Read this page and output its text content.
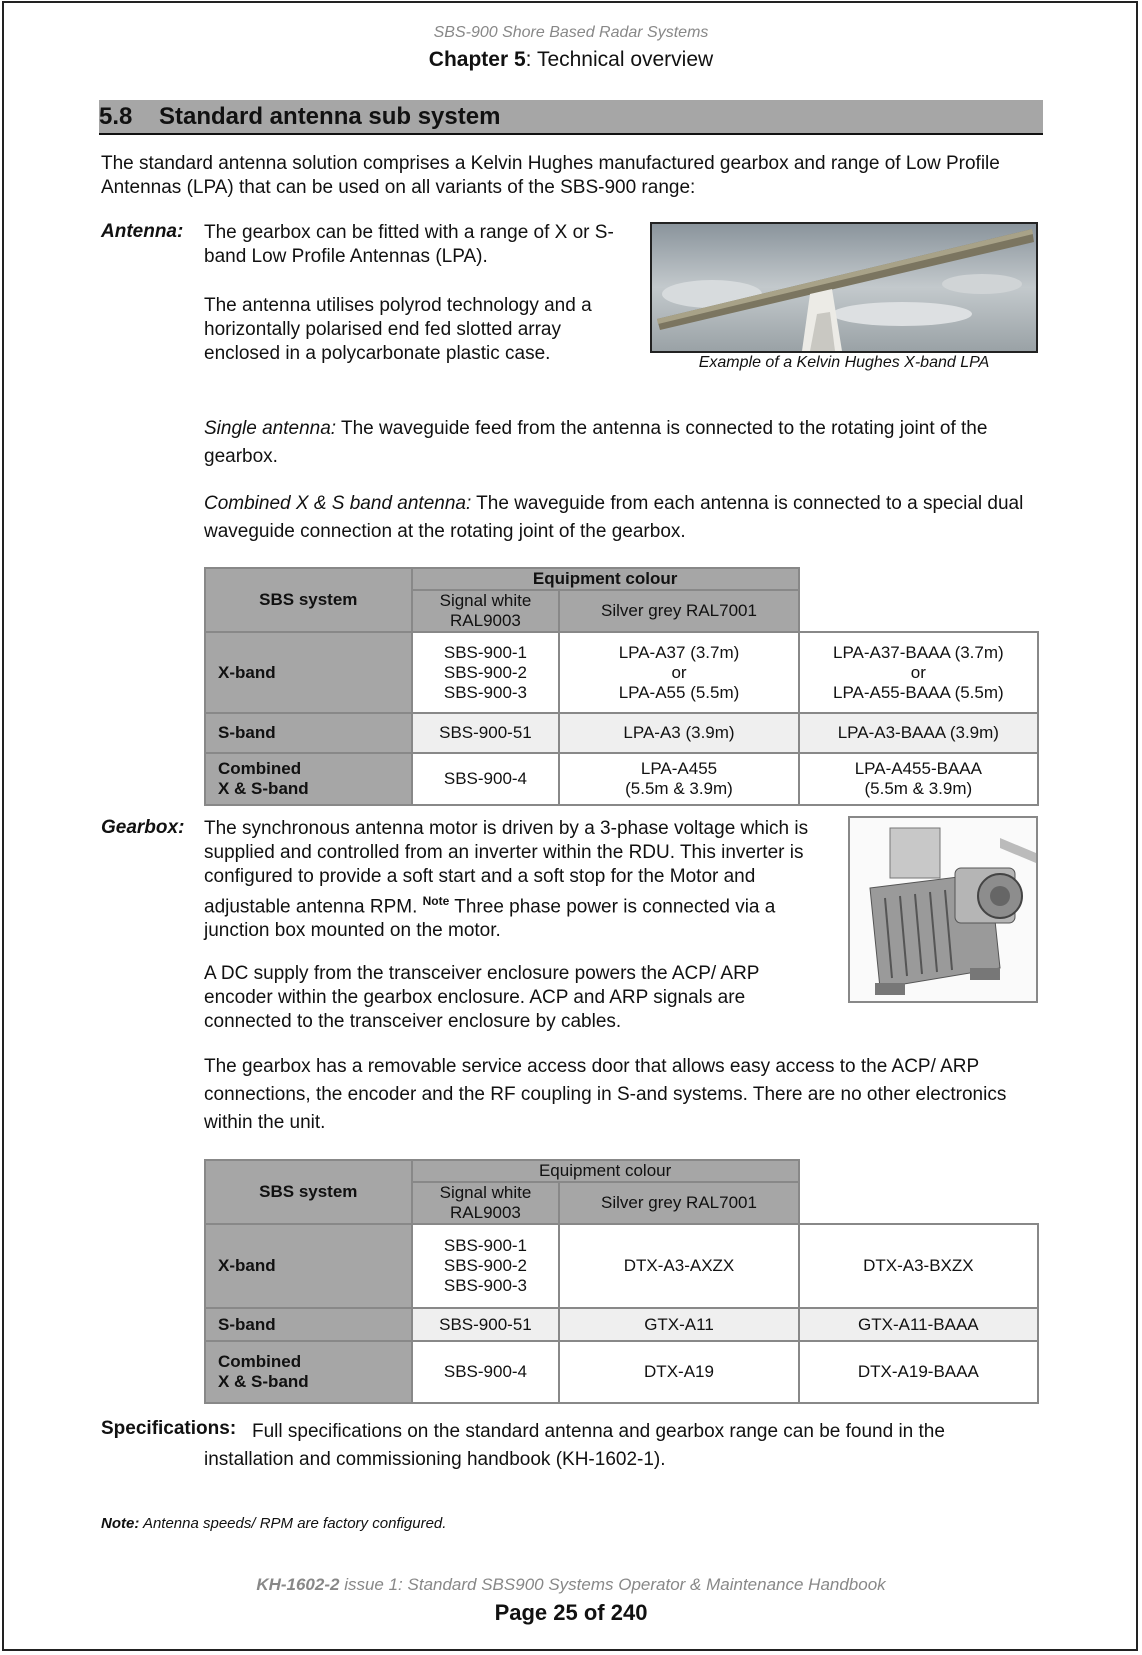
SBS-900 Shore Based Radar Systems
Chapter 5: Technical overview
5.8 Standard antenna sub system
The standard antenna solution comprises a Kelvin Hughes manufactured gearbox and range of Low Profile Antennas (LPA) that can be used on all variants of the SBS-900 range:
Antenna: The gearbox can be fitted with a range of X or S-band Low Profile Antennas (LPA).
The antenna utilises polyrod technology and a horizontally polarised end fed slotted array enclosed in a polycarbonate plastic case.	Example of a Kelvin Hughes X-band LPA
Single antenna: The waveguide feed from the antenna is connected to the rotating joint of the gearbox.
Combined X & S band antenna: The waveguide from each antenna is connected to a special dual waveguide connection at the rotating joint of the gearbox.
SBS system	Equipment colour	
	Signal white RAL9003	Silver grey RAL7001	
X-band	SBS-900-1
SBS-900-2
SBS-900-3	LPA-A37 (3.7m)
or
LPA-A55 (5.5m)	LPA-A37-BAAA (3.7m)
or
LPA-A55-BAAA (5.5m)
S-band	SBS-900-51	LPA-A3 (3.9m)	LPA-A3-BAAA (3.9m)
Combined
X & S-band	SBS-900-4	LPA-A455
(5.5m & 3.9m)	LPA-A455-BAAA
(5.5m & 3.9m)
Gearbox: The synchronous antenna motor is driven by a 3-phase voltage which is supplied and controlled from an inverter within the RDU. This inverter is configured to provide a soft start and a soft stop for the Motor and adjustable antenna RPM. $^{Note}$ Three phase power is connected via a junction box mounted on the motor.
A DC supply from the transceiver enclosure powers the ACP/ ARP encoder within the gearbox enclosure. ACP and ARP signals are connected to the transceiver enclosure by cables.
The gearbox has a removable service access door that allows easy access to the ACP/ ARP connections, the encoder and the RF coupling in S-and systems. There are no other electronics within the unit.
SBS system	Equipment colour		
	Signal white RAL9003	Silver grey RAL7001	
X-band	SBS-900-1
SBS-900-2
SBS-900-3	DTX-A3-AXZX	DTX-A3-BXZX
S-band	SBS-900-51	GTX-A11	GTX-A11-BAAA
Combined
X & S-band	SBS-900-4	DTX-A19	DTX-A19-BAAA
Specifications: Full specifications on the standard antenna and gearbox range can be found in the
installation and commissioning handbook (KH-1602-1).
Note: Antenna speeds/ RPM are factory configured.
KH-1602-2 issue 1: Standard SBS900 Systems Operator & Maintenance Handbook
Page 25 of 240
